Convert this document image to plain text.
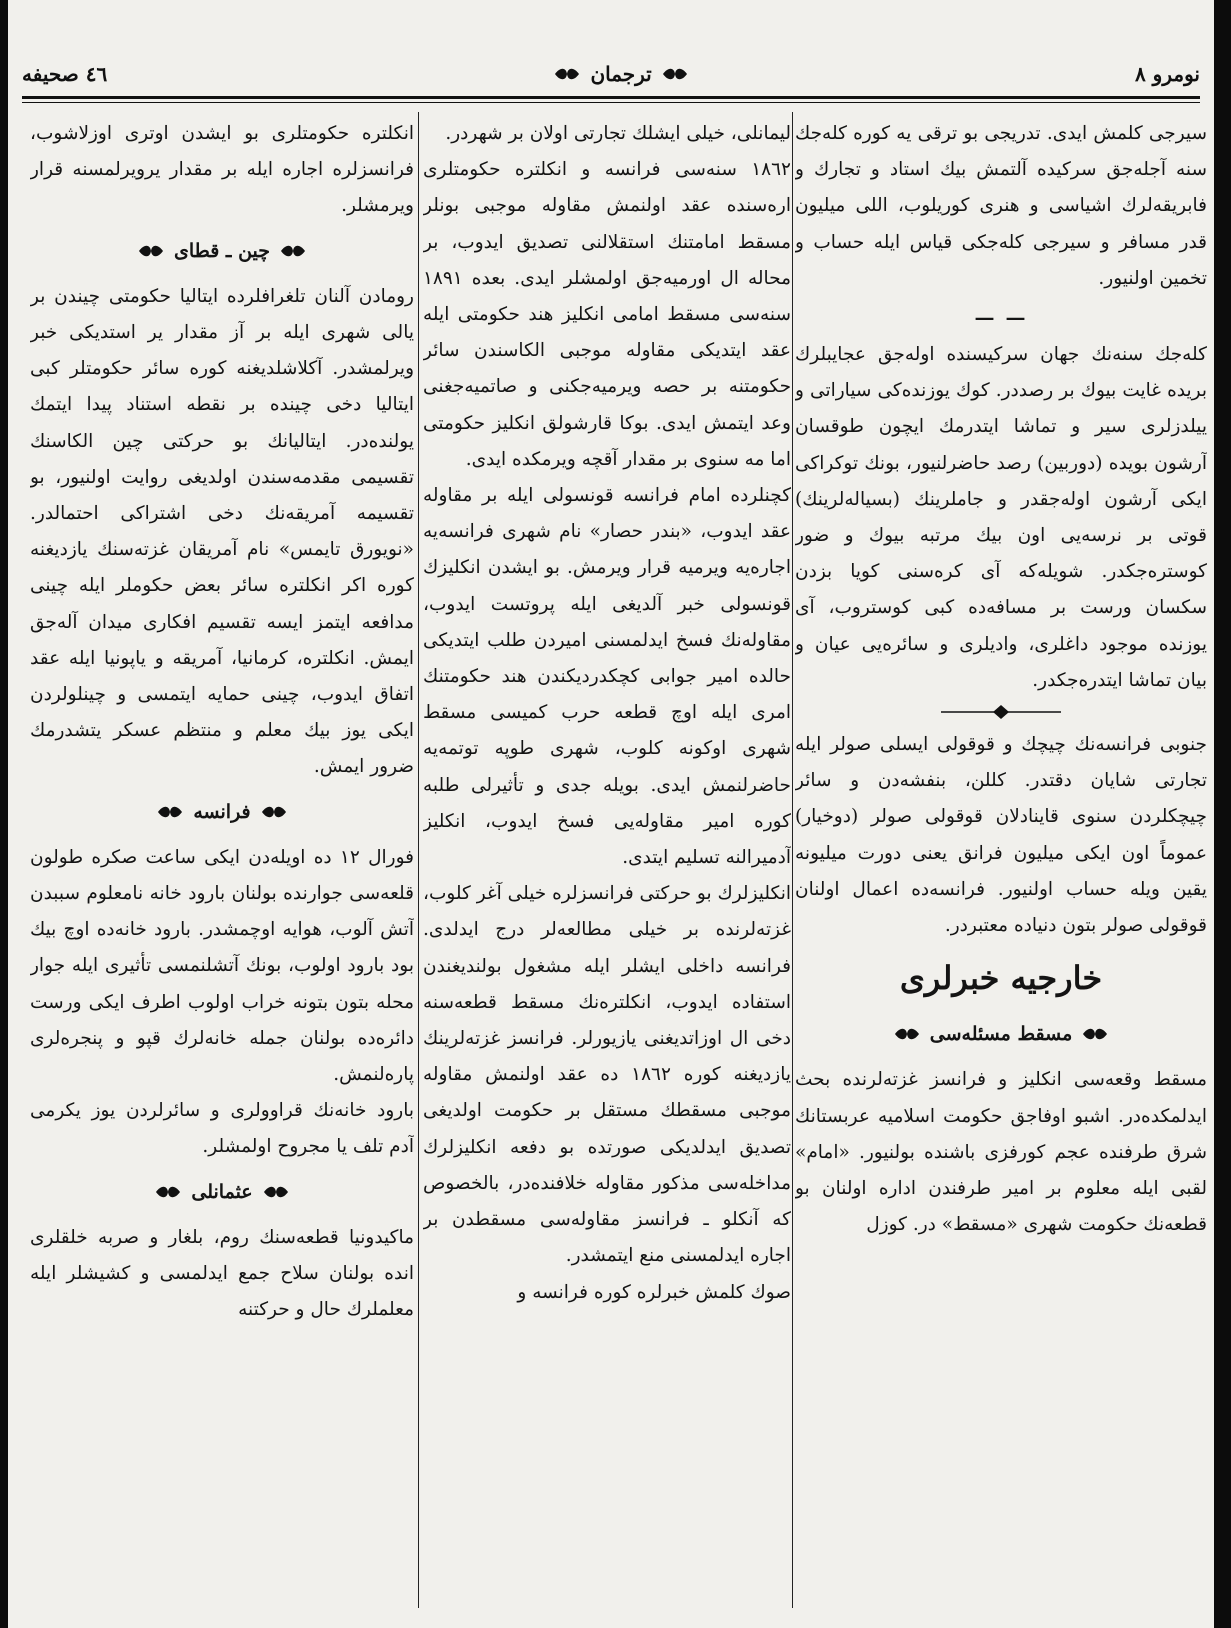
نومرو ٨
ترجمان
٤٦ صحيفه

سيرجى كلمش ايدى. تدريجى بو ترقى يه كوره كله‌جك سنه آجله‌جق سركيده آلتمش بيك استاد و تجارك و فابريقه‌لرك اشياسى و هنرى كوريلوب، اللى ميليون قدر مسافر و سيرجى كله‌جكى قياس ايله حساب و تخمين اولنيور.

— —

كله‌جك سنه‌نك جهان سركيسنده اوله‌جق عجايبلرك بريده غايت بيوك بر رصددر. كوك يوزنده‌كى سياراتى و ييلدزلرى سير و تماشا ايتدرمك ايچون طوقسان آرشون بويده (دوربين) رصد حاضرلنيور، بونك توكراكى ايكى آرشون اوله‌جقدر و جاملرينك (بسياله‌لرينك) قوتى بر نرسه‌يى اون بيك مرتبه بيوك و ضور كوستره‌جكدر. شويله‌كه آى كره‌سنى كويا بزدن سكسان ورست بر مسافه‌ده كبى كوستروب، آى يوزنده موجود داغلرى، واديلرى و سائره‌يى عيان و بيان تماشا ايتدره‌جكدر.

جنوبى فرانسه‌نك چيچك و قوقولى ايسلى صولر ايله تجارتى شايان دقتدر. كللن، بنفشه‌دن و سائر چيچكلردن سنوى قاينادلان قوقولى صولر (دوخيار) عموماً اون ايكى ميليون فرانق يعنى دورت ميليونه يقين ويله حساب اولنيور. فرانسه‌ده اعمال اولنان قوقولى صولر بتون دنياده معتبردر.

خارجيه خبرلرى
مسقط مسئله‌سى

مسقط وقعه‌سى انكليز و فرانسز غزته‌لرنده بحث ايدلمكده‌در. اشبو اوفاجق حكومت اسلاميه عربستانك شرق طرفنده عجم كورفزى باشنده بولنيور. «امام» لقبى ايله معلوم بر امير طرفندن اداره اولنان بو قطعه‌نك حكومت شهرى «مسقط» در. كوزل

ليمانلى، خيلى ايشلك تجارتى اولان بر شهردر.

١٨٦٢ سنه‌سى فرانسه و انكلتره حكومتلرى ارەسنده عقد اولنمش مقاوله موجبى بونلر مسقط امامتنك استقلالنى تصديق ايدوب، بر محاله ال اورميه‌جق اولمشلر ايدى. بعده ١٨٩١ سنه‌سى مسقط امامى انكليز هند حكومتى ايله عقد ايتديكى مقاوله موجبى الكاسندن سائر حكومتنه بر حصه ويرميه‌جكنى و صاتميه‌جغنى وعد ايتمش ايدى. بوكا قارشولق انكليز حكومتى اما مه سنوى بر مقدار آقچه ويرمكده ايدى.

كچنلرده امام فرانسه قونسولى ايله بر مقاوله عقد ايدوب، «بندر حصار» نام شهرى فرانسه‌يه اجاره‌يه ويرميه قرار ويرمش. بو ايشدن انكليزك قونسولى خبر آلديغى ايله پروتست ايدوب، مقاوله‌نك فسخ ايدلمسنى اميردن طلب ايتديكى حالده امير جوابى كچكدرديكندن هند حكومتنك امرى ايله اوچ قطعه حرب كميسى مسقط شهرى اوكونه كلوب، شهرى طوپه توتمه‌يه حاضرلنمش ايدى. بويله جدى و تأثيرلى طلبه كوره امير مقاوله‌يى فسخ ايدوب، انكليز آدميرالنه تسليم ايتدى.

انكليزلرك بو حركتى فرانسزلره خيلى آغر كلوب، غزته‌لرنده بر خيلى مطالعه‌لر درج ايدلدى. فرانسه داخلى ايشلر ايله مشغول بولنديغندن استفاده ايدوب، انكلتره‌نك مسقط قطعه‌سنه دخى ال اوزاتديغنى يازيورلر. فرانسز غزته‌لرينك يازديغنه كوره ١٨٦٢ ده عقد اولنمش مقاوله موجبى مسقطك مستقل بر حكومت اولديغى تصديق ايدلديكى صورتده بو دفعه انكليزلرك مداخله‌سى مذكور مقاوله خلافنده‌در، بالخصوص كه آنكلو ـ فرانسز مقاوله‌سى مسقطدن بر اجاره ايدلمسنى منع ايتمشدر.

صوك كلمش خبرلره كوره فرانسه و

انكلتره حكومتلرى بو ايشدن اوترى اوزلاشوب، فرانسزلره اجاره ايله بر مقدار يرويرلمسنه قرار ويرمشلر.

چين ـ قطاى

رومادن آلنان تلغرافلرده ايتاليا حكومتى چيندن بر يالى شهرى ايله بر آز مقدار ير استديكى خبر ويرلمشدر. آكلاشلديغنه كوره سائر حكومتلر كبى ايتاليا دخى چينده بر نقطه استناد پيدا ايتمك يولنده‌در. ايتاليانك بو حركتى چين الكاسنك تقسيمى مقدمه‌سندن اولديغى روايت اولنيور، بو تقسيمه آمريقه‌نك دخى اشتراكى احتمالدر. «نويورق تايمس» نام آمريقان غزته‌سنك يازديغنه كوره اكر انكلتره سائر بعض حكوملر ايله چينى مدافعه ايتمز ايسه تقسيم افكارى ميدان آله‌جق ايمش. انكلتره، كرمانيا، آمريقه و ياپونيا ايله عقد اتفاق ايدوب، چينى حمايه ايتمسى و چينلولردن ايكى يوز بيك معلم و منتظم عسكر يتشدرمك ضرور ايمش.

فرانسه

فورال ١٢ ده اويله‌دن ايكى ساعت صكره طولون قلعه‌سى جوارنده بولنان بارود خانه نامعلوم سببدن آتش آلوب، هوايه اوچمشدر. بارود خانه‌ده اوچ بيك بود بارود اولوب، بونك آتشلنمسى تأثيرى ايله جوار محله بتون بتونه خراب اولوب اطرف ايكى ورست دائره‌ده بولنان جمله خانه‌لرك قپو و پنجره‌لرى پاره‌لنمش.

بارود خانه‌نك قراوولرى و سائرلردن يوز يكرمى آدم تلف يا مجروح اولمشلر.

عثمانلى

ماكيدونيا قطعه‌سنك روم، بلغار و صربه خلقلرى انده بولنان سلاح جمع ايدلمسى و كشيشلر ايله معلملرك حال و حركتنه
